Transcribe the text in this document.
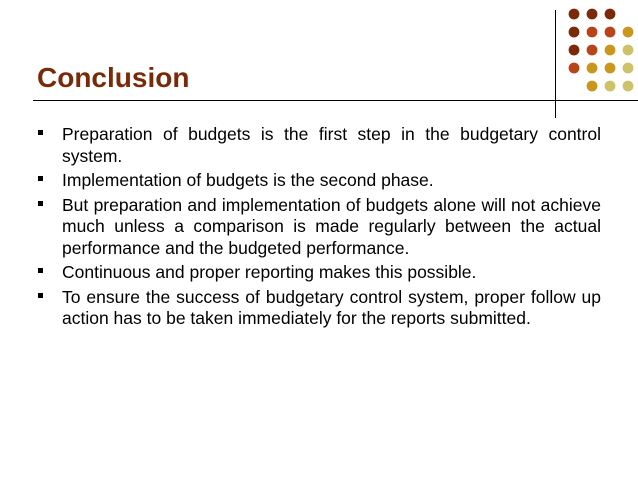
Conclusion
Preparation of budgets is the first step in the budgetary control system.
Implementation of budgets is the second phase.
But preparation and implementation of budgets alone will not achieve much unless a comparison is made regularly between the actual performance and the budgeted performance.
Continuous and proper reporting makes this possible.
To ensure the success of budgetary control system, proper follow up action has to be taken immediately for the reports submitted.
